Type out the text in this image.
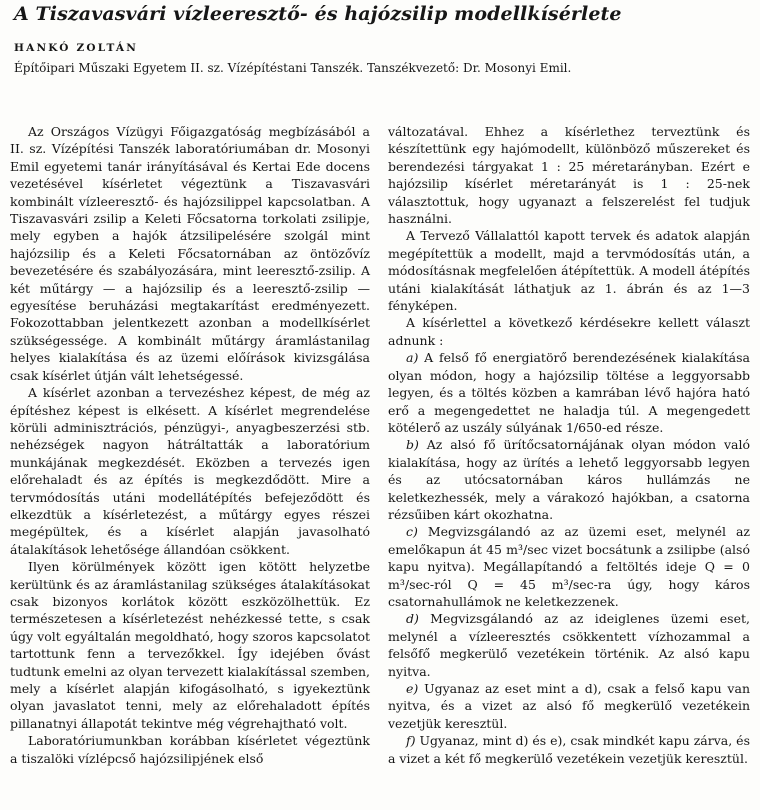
A Tiszavasvári vízleeresztő- és hajózsilip modellkísérlete
HANKÓ ZOLTÁN
Építőipari Műszaki Egyetem II. sz. Vízépítéstani Tanszék. Tanszékvezető: Dr. Mosonyi Emil.

Az Országos Vízügyi Főigazgatóság megbízásából a II. sz. Vízépítési Tanszék laboratóriumában dr. Mosonyi Emil egyetemi tanár irányításával és Kertai Ede docens vezetésével kísérletet végeztünk a Tiszavasvári kombinált vízleeresztő- és hajózsilippel kapcsolatban. A Tiszavasvári zsilip a Keleti Főcsatorna torkolati zsilipje, mely egyben a hajók átzsilipelésére szolgál mint hajózsilip és a Keleti Főcsatornában az öntözővíz bevezetésére és szabályozására, mint leeresztő-zsilip. A két műtárgy — a hajózsilip és a leeresztő-zsilip — egyesítése beruházási megtakarítást eredményezett. Fokozottabban jelentkezett azonban a modellkísérlet szükségessége. A kombinált műtárgy áramlástanilag helyes kialakítása és az üzemi előírások kivizsgálása csak kísérlet útján vált lehetségessé.

A kísérlet azonban a tervezéshez képest, de még az építéshez képest is elkésett. A kísérlet megrendelése körüli adminisztrációs, pénzügyi-, anyagbeszerzési stb. nehézségek nagyon hátráltatták a laboratórium munkájának megkezdését. Eközben a tervezés igen előrehaladt és az építés is megkezdődött. Mire a tervmódosítás utáni modellátépítés befejeződött és elkezdtük a kísérletezést, a műtárgy egyes részei megépültek, és a kísérlet alapján javasolható átalakítások lehetősége állandóan csökkent.

Ilyen körülmények között igen kötött helyzetbe kerültünk és az áramlástanilag szükséges átalakításokat csak bizonyos korlátok között eszközölhettük. Ez természetesen a kísérletezést nehézkessé tette, s csak úgy volt egyáltalán megoldható, hogy szoros kapcsolatot tartottunk fenn a tervezőkkel. Így idejében ővást tudtunk emelni az olyan tervezett kialakítással szemben, mely a kísérlet alapján kifogásolható, s igyekeztünk olyan javaslatot tenni, mely az előrehaladott építés pillanatnyi állapotát tekintve még végrehajtható volt.

Laboratóriumunkban korábban kísérletet végeztünk a tiszalöki vízlépcső hajózsilipjének első

változatával. Ehhez a kísérlethez terveztünk és készítettünk egy hajómodellt, különböző műszereket és berendezési tárgyakat 1 : 25 méretarányban. Ezért e hajózsilip kísérlet méretarányát is 1 : 25-nek választottuk, hogy ugyanazt a felszerelést fel tudjuk használni.

A Tervező Vállalattól kapott tervek és adatok alapján megépítettük a modellt, majd a tervmódosítás után, a módosításnak megfelelően átépítettük. A modell átépítés utáni kialakítását láthatjuk az 1. ábrán és az 1—3 fényképen.

A kísérlettel a következő kérdésekre kellett választ adnunk :

a) A felső fő energiatörő berendezésének kialakítása olyan módon, hogy a hajózsilip töltése a leggyorsabb legyen, és a töltés közben a kamrában lévő hajóra ható erő a megengedettet ne haladja túl. A megengedett kötélerő az uszály súlyának 1/650-ed része.

b) Az alsó fő ürítőcsatornájának olyan módon való kialakítása, hogy az ürítés a lehető leggyorsabb legyen és az utócsatornában káros hullámzás ne keletkezhessék, mely a várakozó hajókban, a csatorna rézsűiben kárt okozhatna.

c) Megvizsgálandó az az üzemi eset, melynél az emelőkapun át 45 m³/sec vizet bocsátunk a zsilipbe (alsó kapu nyitva). Megállapítandó a feltöltés ideje Q = 0 m³/sec-ról Q = 45 m³/sec-ra úgy, hogy káros csatornahullámok ne keletkezzenek.

d) Megvizsgálandó az az ideiglenes üzemi eset, melynél a vízleeresztés csökkentett vízhozammal a felsőfő megkerülő vezetékein történik. Az alsó kapu nyitva.

e) Ugyanaz az eset mint a d), csak a felső kapu van nyitva, és a vizet az alsó fő megkerülő vezetékein vezetjük keresztül.

f) Ugyanaz, mint d) és e), csak mindkét kapu zárva, és a vizet a két fő megkerülő vezetékein vezetjük keresztül.
